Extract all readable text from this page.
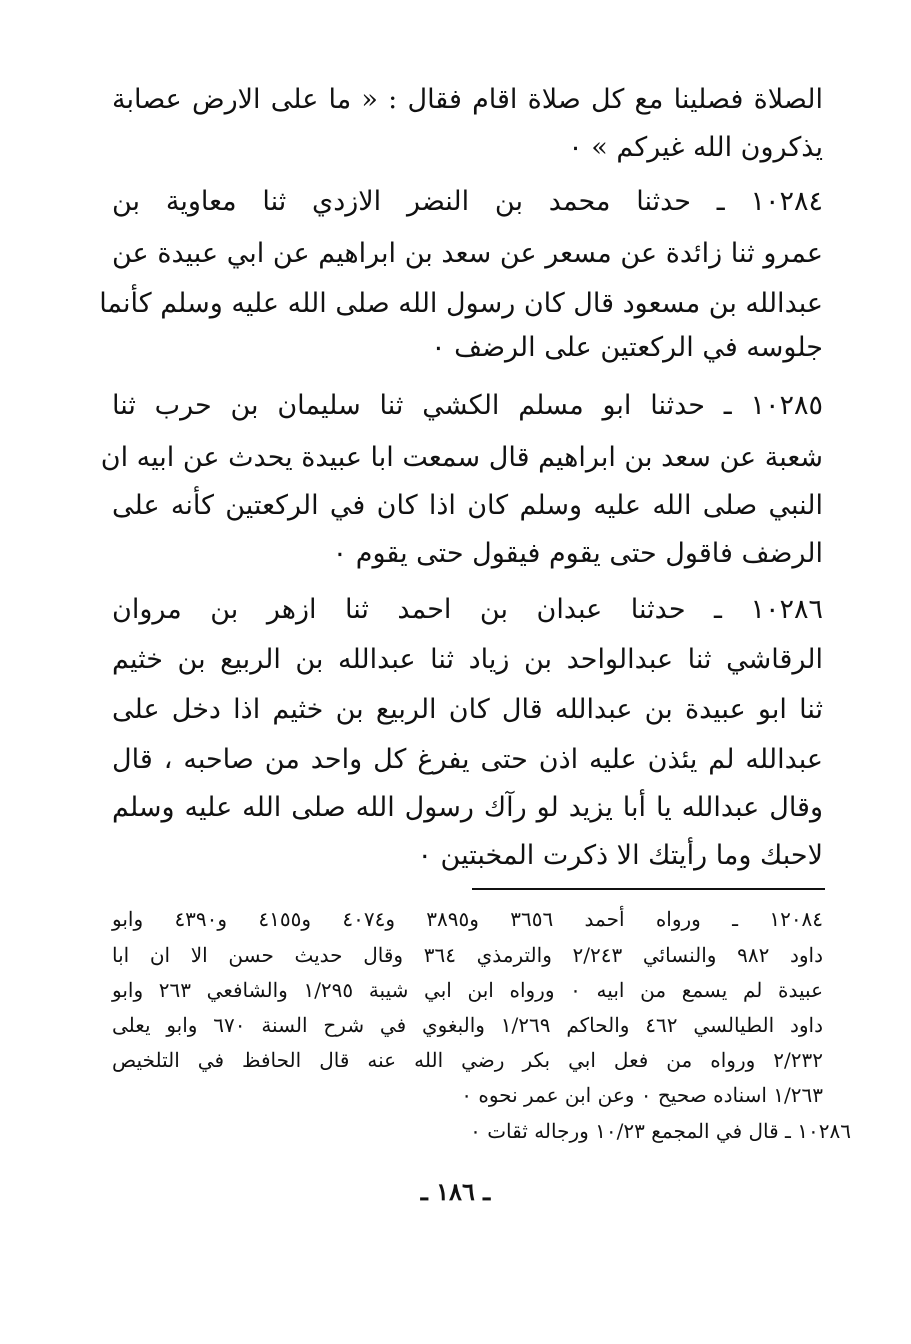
الصلاة فصلينا مع كل صلاة اقام فقال : « ما على الارض عصابة
يذكرون الله غيركم » ٠
١٠٢٨٤ ـ حدثنا محمد بن النضر الازدي ثنا معاوية بن
عمرو ثنا زائدة عن مسعر عن سعد بن ابراهيم عن ابي عبيدة عن
عبدالله بن مسعود قال كان رسول الله صلى الله عليه وسلم كأنما
جلوسه في الركعتين على الرضف ٠
١٠٢٨٥ ـ حدثنا ابو مسلم الكشي ثنا سليمان بن حرب ثنا
شعبة عن سعد بن ابراهيم قال سمعت ابا عبيدة يحدث عن ابيه ان
النبي صلى الله عليه وسلم كان اذا كان في الركعتين كأنه على
الرضف فاقول حتى يقوم فيقول حتى يقوم ٠
١٠٢٨٦ ـ حدثنا عبدان بن احمد ثنا ازهر بن مروان
الرقاشي ثنا عبدالواحد بن زياد ثنا عبدالله بن الربيع بن خثيم
ثنا ابو عبيدة بن عبدالله قال كان الربيع بن خثيم اذا دخل على
عبدالله لم يئذن عليه اذن حتى يفرغ كل واحد من صاحبه ، قال
وقال عبدالله يا أبا يزيد لو رآك رسول الله صلى الله عليه وسلم
لاحبك وما رأيتك الا ذكرت المخبتين ٠
١٢٠٨٤ ـ ورواه أحمد ٣٦٥٦ و٣٨٩٥ و٤٠٧٤ و٤١٥٥ و٤٣٩٠ وابو
داود ٩٨٢ والنسائي ٢/٢٤٣ والترمذي ٣٦٤ وقال حديث حسن الا ان ابا
عبيدة لم يسمع من ابيه ٠ ورواه ابن ابي شيبة ١/٢٩٥ والشافعي ٢٦٣ وابو
داود الطيالسي ٤٦٢ والحاكم ١/٢٦٩ والبغوي في شرح السنة ٦٧٠ وابو يعلى
٢/٢٣٢ ورواه من فعل ابي بكر رضي الله عنه قال الحافظ في التلخيص
١/٢٦٣ اسناده صحيح ٠ وعن ابن عمر نحوه ٠
١٠٢٨٦ ـ قال في المجمع ١٠/٢٣ ورجاله ثقات ٠
ـ ١٨٦ ـ
